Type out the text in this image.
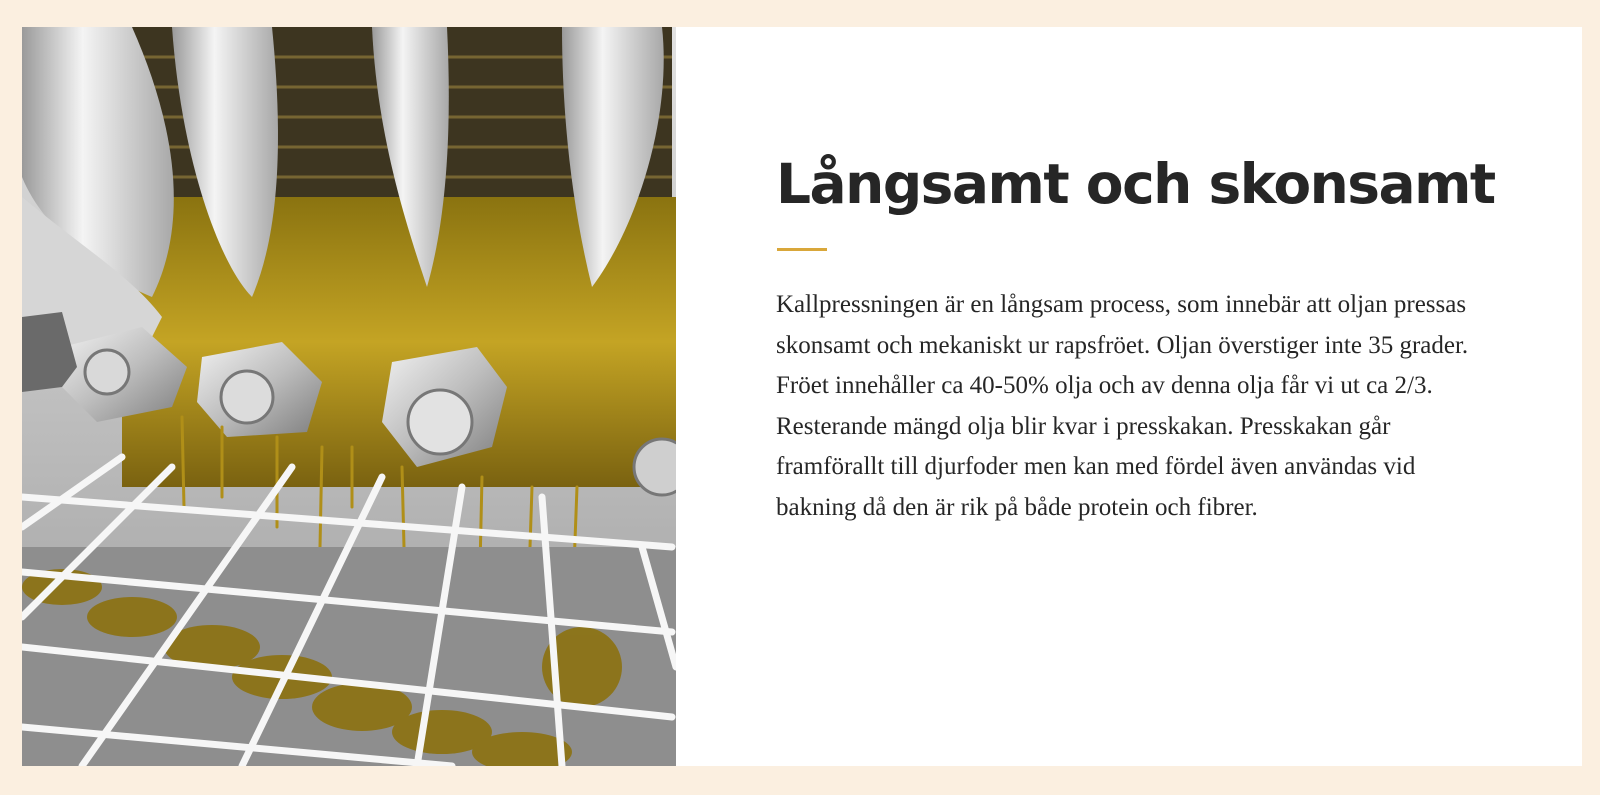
Långsamt och skonsamt

Kallpressningen är en långsam process, som innebär att oljan pressas skonsamt och mekaniskt ur rapsfröet. Oljan överstiger inte 35 grader. Fröet innehåller ca 40-50% olja och av denna olja får vi ut ca 2/3. Resterande mängd olja blir kvar i presskakan. Presskakan går framförallt till djurfoder men kan med fördel även användas vid bakning då den är rik på både protein och fibrer.
